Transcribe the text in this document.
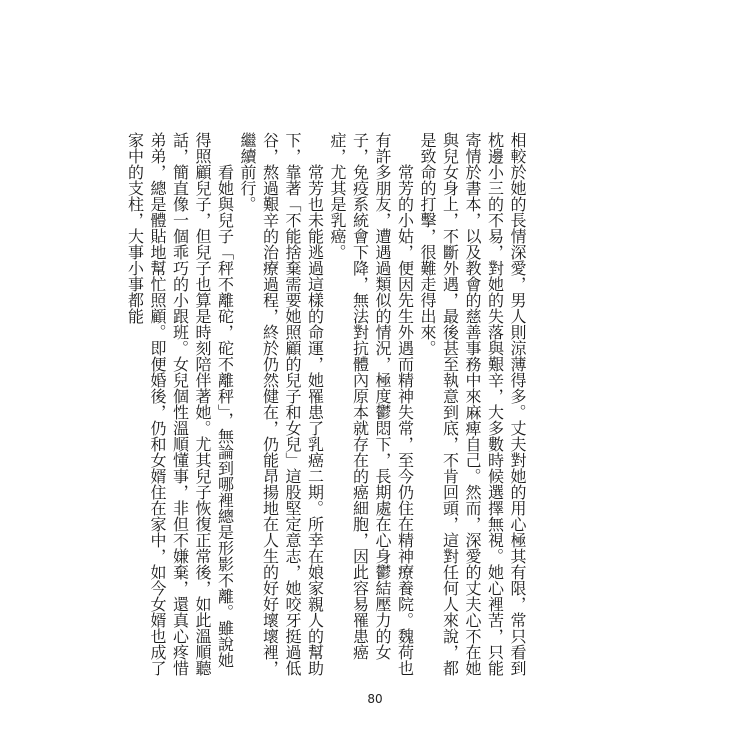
相較於她的長情深愛，男人則涼薄得多。丈夫對她的用心極其有限，常只看到枕邊小三的不易，對她的失落與艱辛，大多數時候選擇無視。她心裡苦，只能寄情於書本，以及教會的慈善事務中來麻痺自己。然而，深愛的丈夫心不在她與兒女身上，不斷外遇，最後甚至執意到底，不肯回頭，這對任何人來說，都是致命的打擊，很難走得出來。

常芳的小姑，便因先生外遇而精神失常，至今仍住在精神療養院。魏荷也有許多朋友，遭遇過類似的情況，極度鬱悶下，長期處在心身鬱結壓力的女子，免疫系統會下降，無法對抗體內原本就存在的癌細胞，因此容易罹患癌症，尤其是乳癌。

常芳也未能逃過這樣的命運，她罹患了乳癌二期。所幸在娘家親人的幫助下，靠著「不能捨棄需要她照顧的兒子和女兒」這股堅定意志，她咬牙挺過低谷，熬過艱辛的治療過程，終於仍然健在，仍能昂揚地在人生的好好壞壞裡，繼續前行。

看她與兒子「秤不離砣，砣不離秤」，無論到哪裡總是形影不離。雖說她得照顧兒子，但兒子也算是時刻陪伴著她。尤其兒子恢復正常後，如此溫順聽話，簡直像一個乖巧的小跟班。女兒個性溫順懂事，非但不嫌棄，還真心疼惜弟弟，總是體貼地幫忙照顧。即便婚後，仍和女婿住在家中，如今女婿也成了家中的支柱，大事小事都能

80
